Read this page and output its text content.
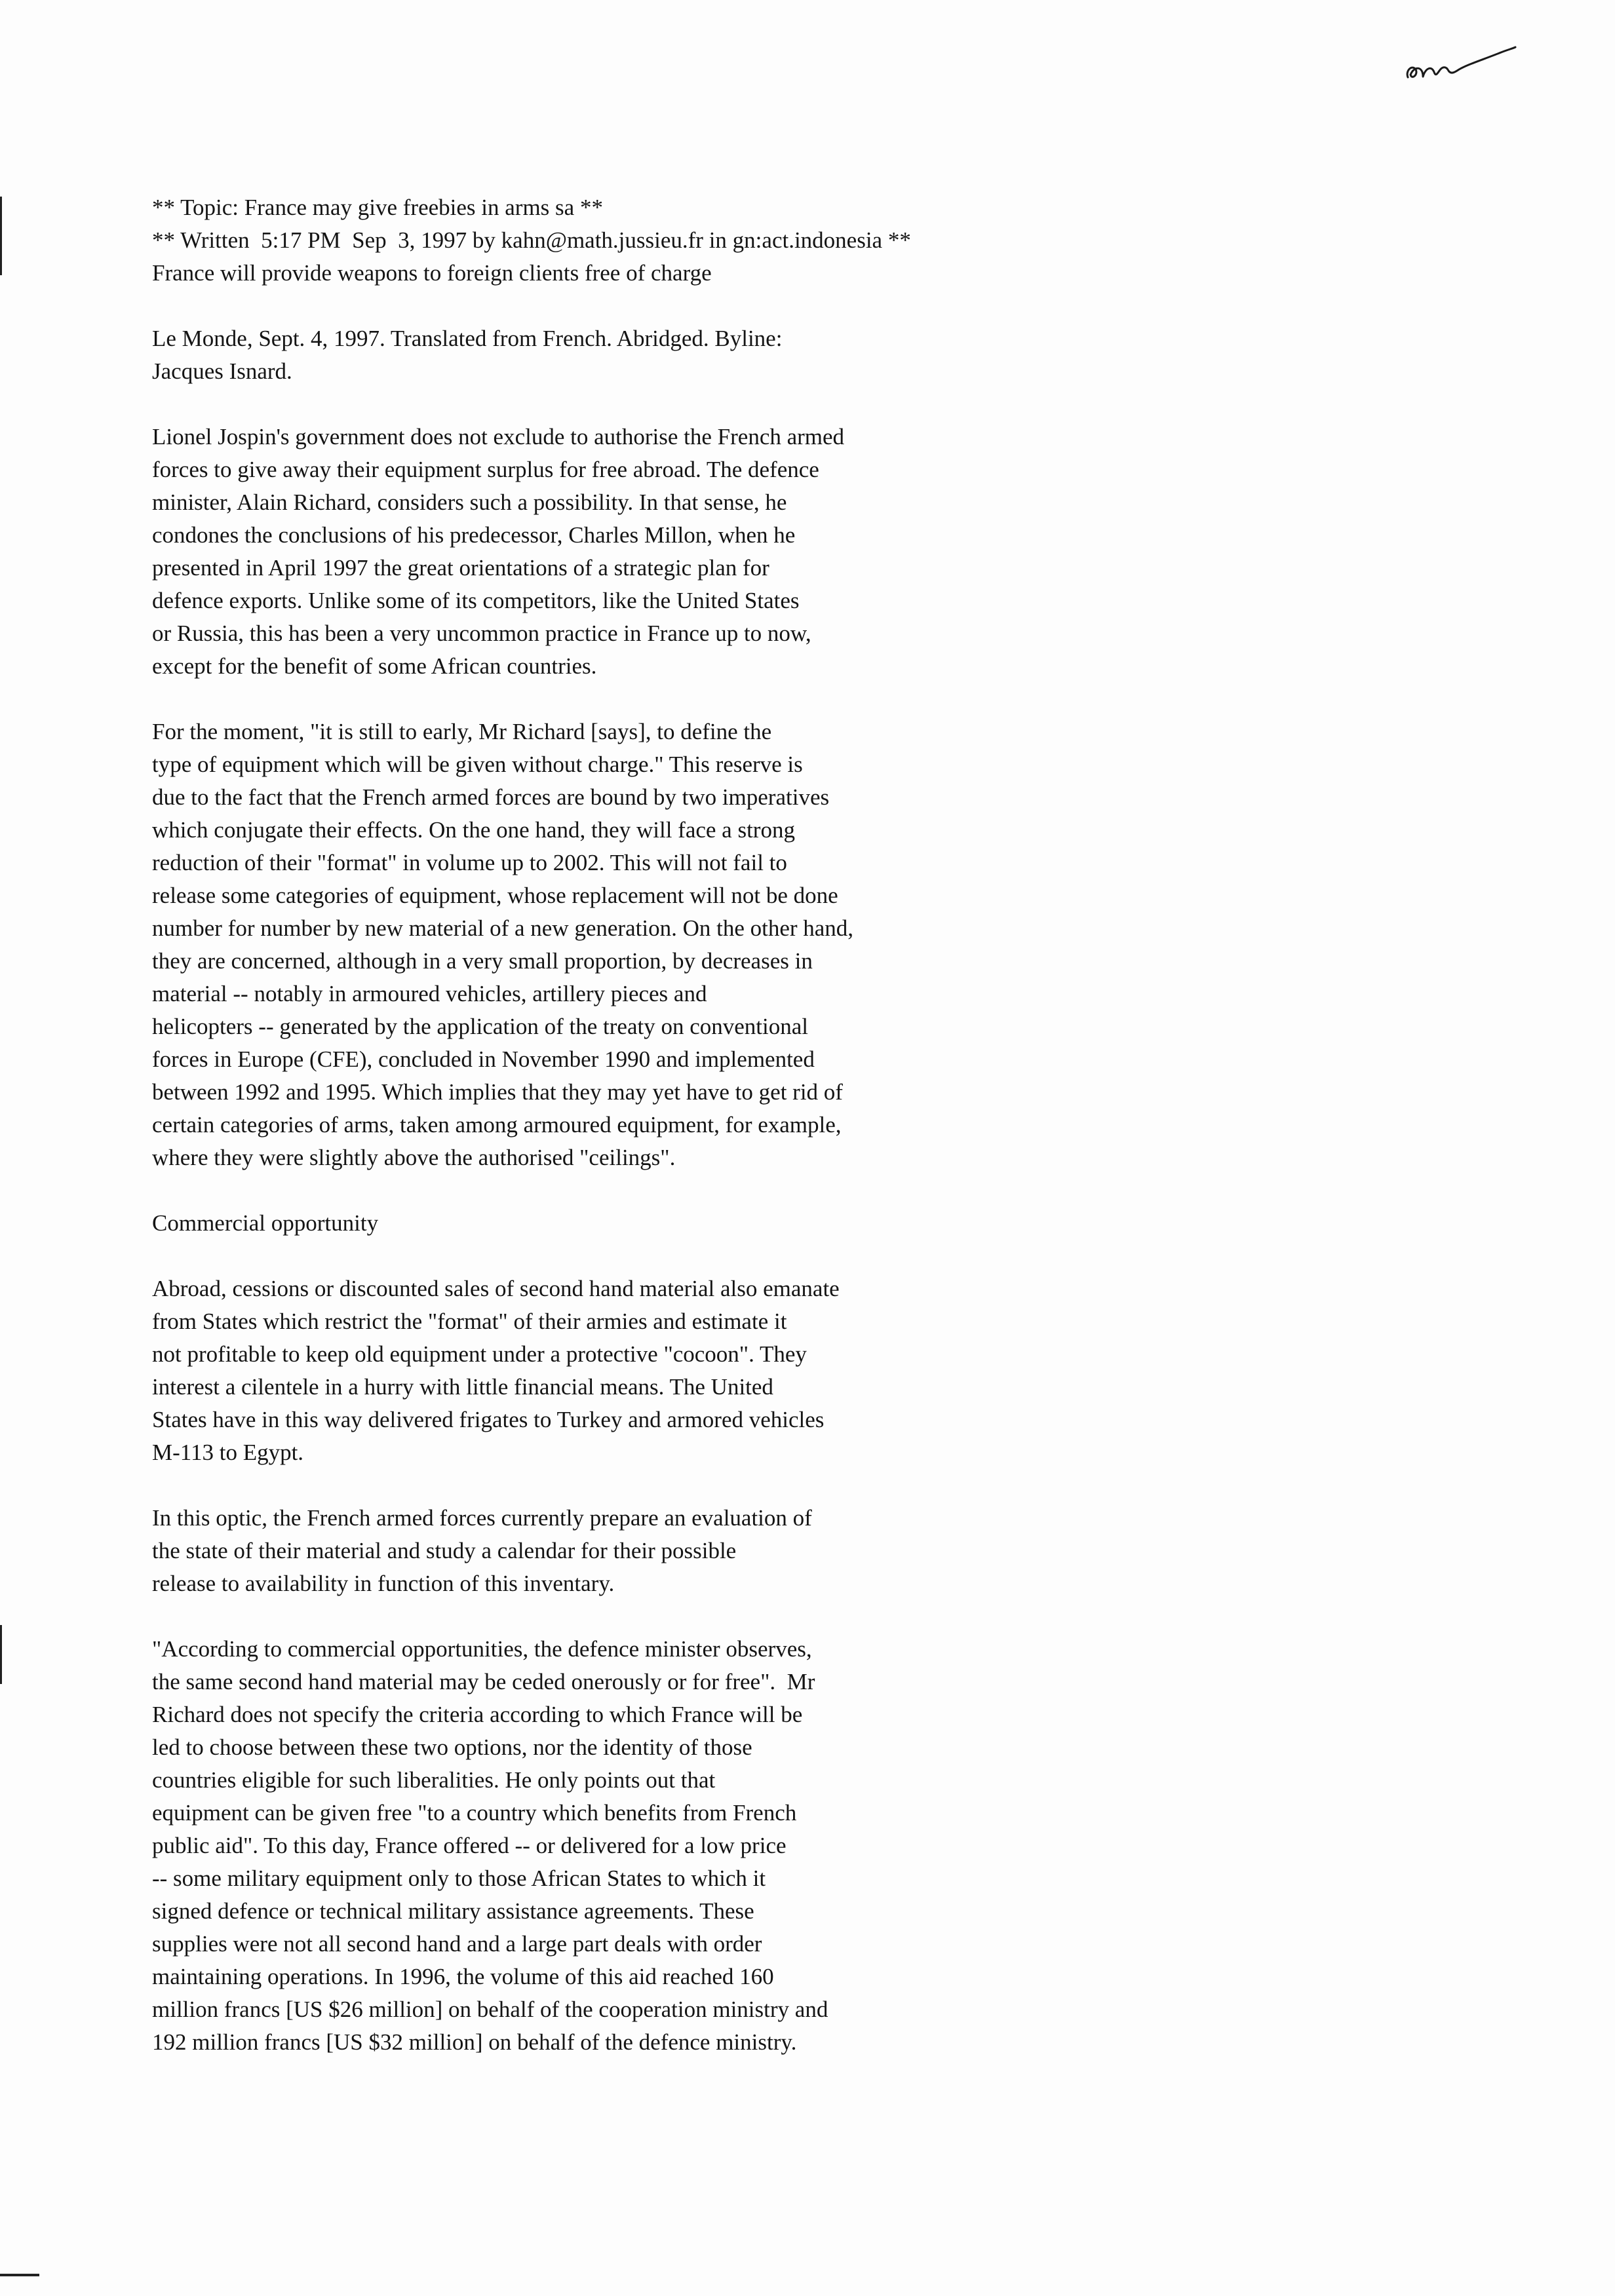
** Topic: France may give freebies in arms sa **
** Written  5:17 PM  Sep  3, 1997 by kahn@math.jussieu.fr in gn:act.indonesia **
France will provide weapons to foreign clients free of charge
Le Monde, Sept. 4, 1997. Translated from French. Abridged. Byline:
Jacques Isnard.
Lionel Jospin's government does not exclude to authorise the French armed
forces to give away their equipment surplus for free abroad. The defence
minister, Alain Richard, considers such a possibility. In that sense, he
condones the conclusions of his predecessor, Charles Millon, when he
presented in April 1997 the great orientations of a strategic plan for
defence exports. Unlike some of its competitors, like the United States
or Russia, this has been a very uncommon practice in France up to now,
except for the benefit of some African countries.
For the moment, "it is still to early, Mr Richard [says], to define the
type of equipment which will be given without charge." This reserve is
due to the fact that the French armed forces are bound by two imperatives
which conjugate their effects. On the one hand, they will face a strong
reduction of their "format" in volume up to 2002. This will not fail to
release some categories of equipment, whose replacement will not be done
number for number by new material of a new generation. On the other hand,
they are concerned, although in a very small proportion, by decreases in
material -- notably in armoured vehicles, artillery pieces and
helicopters -- generated by the application of the treaty on conventional
forces in Europe (CFE), concluded in November 1990 and implemented
between 1992 and 1995. Which implies that they may yet have to get rid of
certain categories of arms, taken among armoured equipment, for example,
where they were slightly above the authorised "ceilings".
Commercial opportunity
Abroad, cessions or discounted sales of second hand material also emanate
from States which restrict the "format" of their armies and estimate it
not profitable to keep old equipment under a protective "cocoon". They
interest a cilentele in a hurry with little financial means. The United
States have in this way delivered frigates to Turkey and armored vehicles
M-113 to Egypt.
In this optic, the French armed forces currently prepare an evaluation of
the state of their material and study a calendar for their possible
release to availability in function of this inventary.
"According to commercial opportunities, the defence minister observes,
the same second hand material may be ceded onerously or for free".  Mr
Richard does not specify the criteria according to which France will be
led to choose between these two options, nor the identity of those
countries eligible for such liberalities. He only points out that
equipment can be given free "to a country which benefits from French
public aid". To this day, France offered -- or delivered for a low price
-- some military equipment only to those African States to which it
signed defence or technical military assistance agreements. These
supplies were not all second hand and a large part deals with order
maintaining operations. In 1996, the volume of this aid reached 160
million francs [US $26 million] on behalf of the cooperation ministry and
192 million francs [US $32 million] on behalf of the defence ministry.
